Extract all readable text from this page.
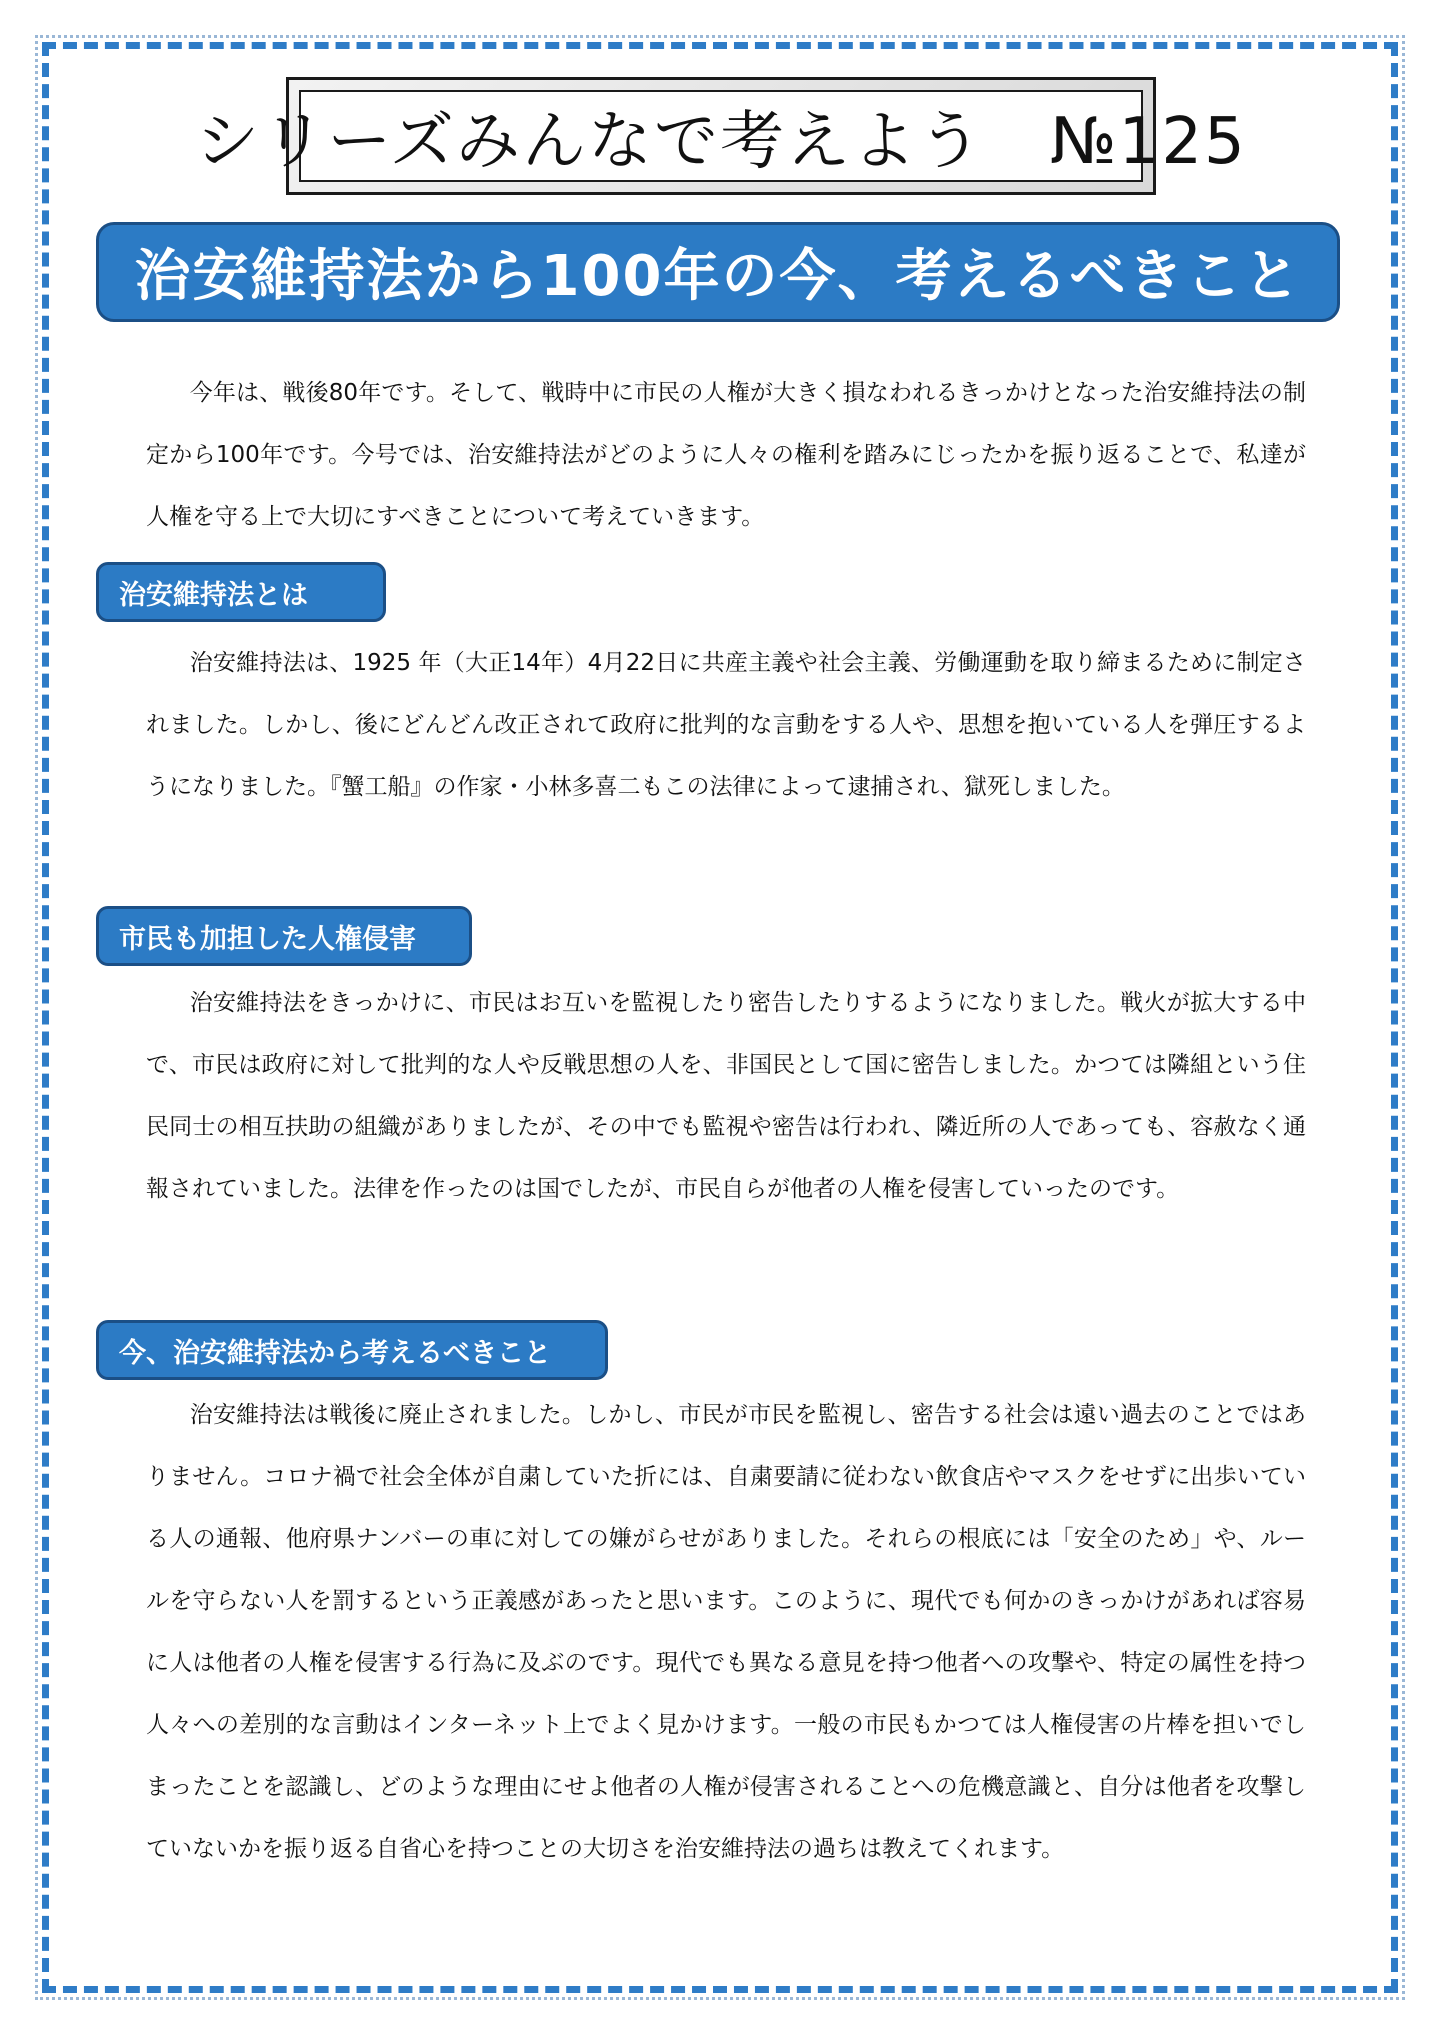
シリーズみんなで考えよう　№125
治安維持法から100年の今、考えるべきこと

今年は、戦後80年です。そして、戦時中に市民の人権が大きく損なわれるきっかけとなった治安維持法の制定から100年です。今号では、治安維持法がどのように人々の権利を踏みにじったかを振り返ることで、私達が人権を守る上で大切にすべきことについて考えていきます。

治安維持法とは

治安維持法は、1925 年（大正14年）4月22日に共産主義や社会主義、労働運動を取り締まるために制定されました。しかし、後にどんどん改正されて政府に批判的な言動をする人や、思想を抱いている人を弾圧するようになりました。『蟹工船』の作家・小林多喜二もこの法律によって逮捕され、獄死しました。

市民も加担した人権侵害

治安維持法をきっかけに、市民はお互いを監視したり密告したりするようになりました。戦火が拡大する中で、市民は政府に対して批判的な人や反戦思想の人を、非国民として国に密告しました。かつては隣組という住民同士の相互扶助の組織がありましたが、その中でも監視や密告は行われ、隣近所の人であっても、容赦なく通報されていました。法律を作ったのは国でしたが、市民自らが他者の人権を侵害していったのです。

今、治安維持法から考えるべきこと

治安維持法は戦後に廃止されました。しかし、市民が市民を監視し、密告する社会は遠い過去のことではありません。コロナ禍で社会全体が自粛していた折には、自粛要請に従わない飲食店やマスクをせずに出歩いている人の通報、他府県ナンバーの車に対しての嫌がらせがありました。それらの根底には「安全のため」や、ルールを守らない人を罰するという正義感があったと思います。このように、現代でも何かのきっかけがあれば容易に人は他者の人権を侵害する行為に及ぶのです。現代でも異なる意見を持つ他者への攻撃や、特定の属性を持つ人々への差別的な言動はインターネット上でよく見かけます。一般の市民もかつては人権侵害の片棒を担いでしまったことを認識し、どのような理由にせよ他者の人権が侵害されることへの危機意識と、自分は他者を攻撃していないかを振り返る自省心を持つことの大切さを治安維持法の過ちは教えてくれます。
